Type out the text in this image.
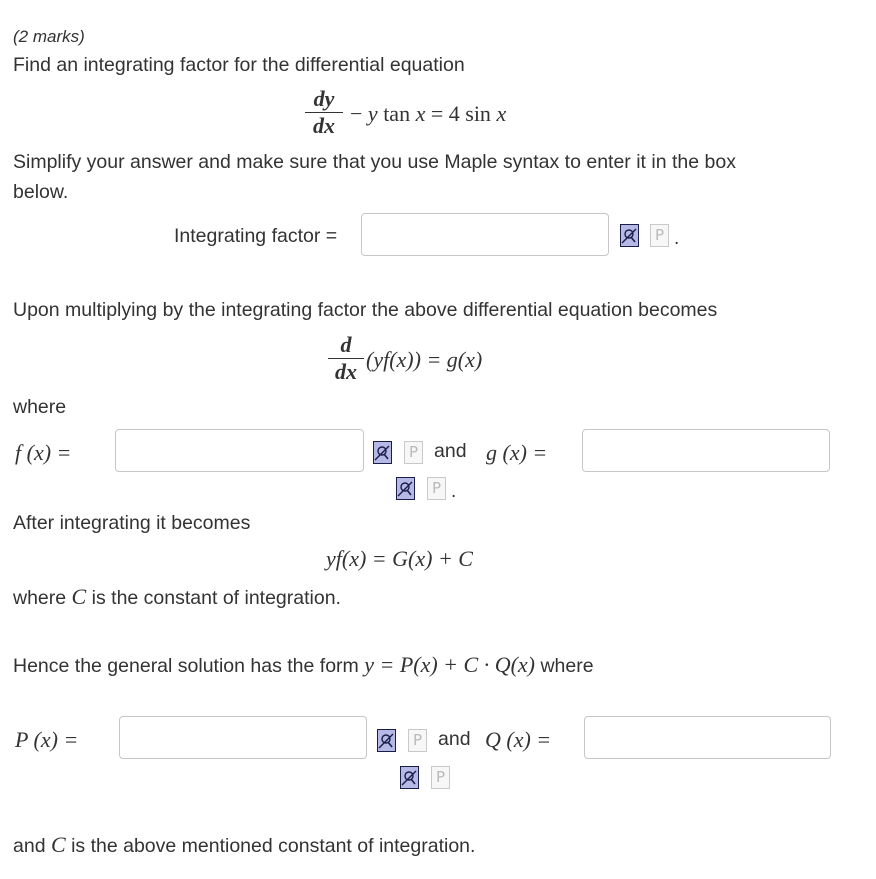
(2 marks)
Find an integrating factor for the differential equation
$\frac{dy}{dx} - y$ tan x = 4 sin x
Simplify your answer and make sure that you use Maple syntax to enter it in the box
below.
Integrating factor =	P .
Upon multiplying by the integrating factor the above differential equation becomes
$\frac{d}{dx} (yf(x)) = g(x)$
where
f (x) =	P and g (x) =
P .
After integrating it becomes
yf(x) = G(x) + C
where C is the constant of integration.
Hence the general solution has the form y = P(x) + C · Q(x) where
P (x) =	P and Q (x) =
P
and C is the above mentioned constant of integration.
